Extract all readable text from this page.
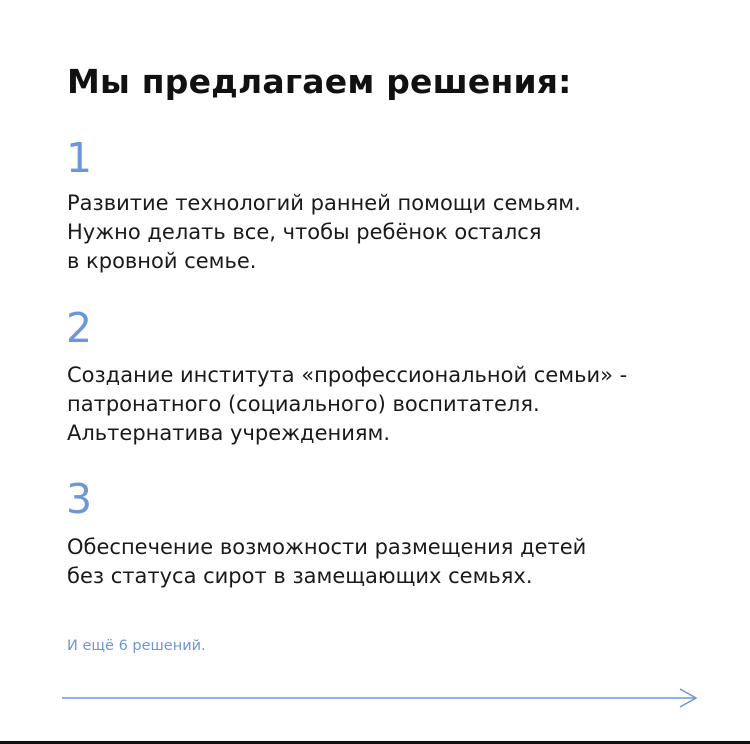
Мы предлагаем решения:
1

Развитие технологий ранней помощи семьям.
Нужно делать все, чтобы ребёнок остался
в кровной семье.

2

Создание института «профессиональной семьи» -
патронатного (социального) воспитателя.
Альтернатива учреждениям.

3

Обеспечение возможности размещения детей
без статуса сирот в замещающих семьях.

И ещё 6 решений.
